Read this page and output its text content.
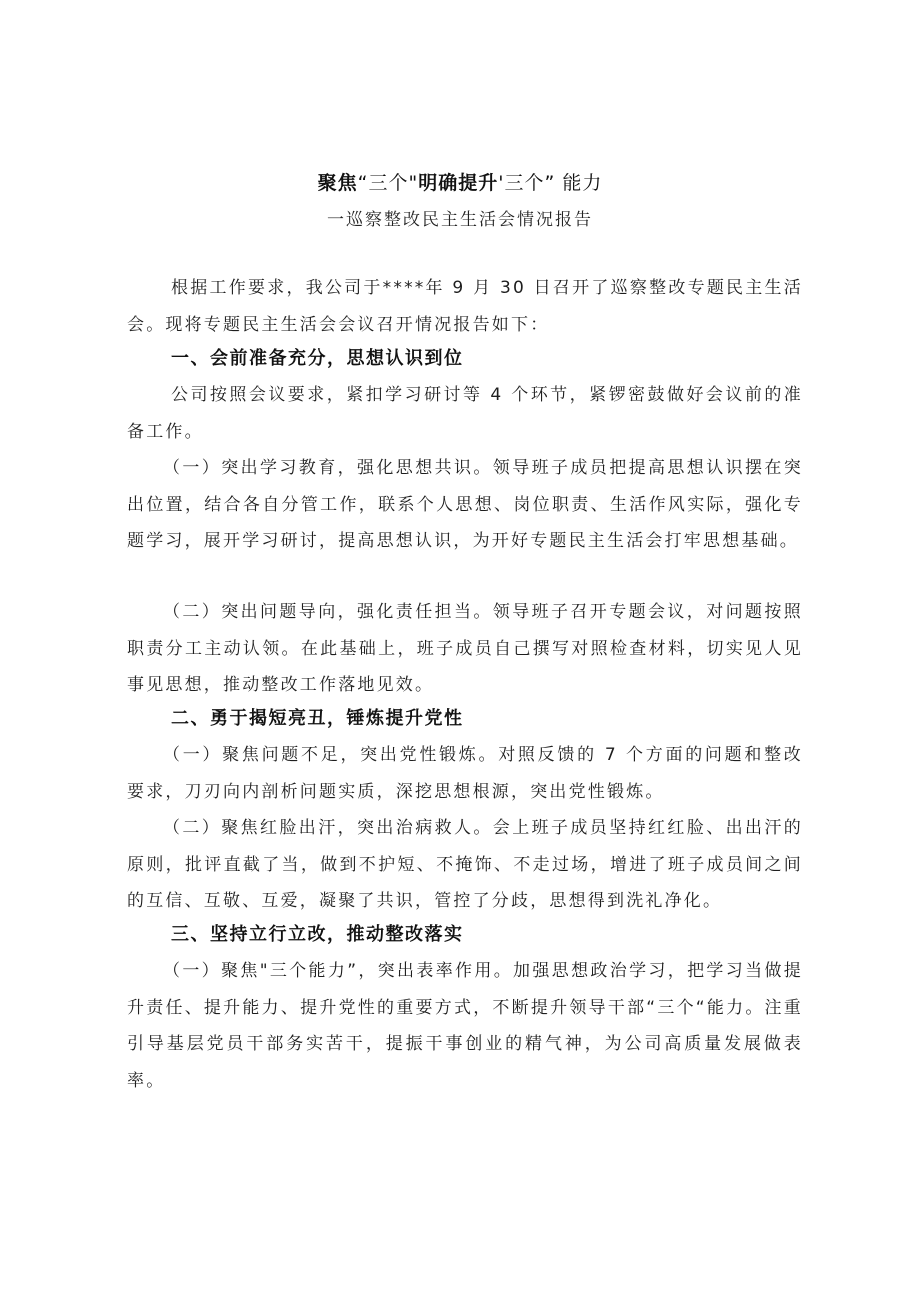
聚焦“三个"明确提升'三个” 能力
一巡察整改民主生活会情况报告

根据工作要求，我公司于****年 9 月 30 日召开了巡察整改专题民主生活会。现将专题民主生活会会议召开情况报告如下：

一、会前准备充分，思想认识到位

公司按照会议要求，紧扣学习研讨等 4 个环节，紧锣密鼓做好会议前的准备工作。

（一）突出学习教育，强化思想共识。领导班子成员把提高思想认识摆在突出位置，结合各自分管工作，联系个人思想、岗位职责、生活作风实际，强化专题学习，展开学习研讨，提高思想认识，为开好专题民主生活会打牢思想基础。

（二）突出问题导向，强化责任担当。领导班子召开专题会议，对问题按照职责分工主动认领。在此基础上，班子成员自己撰写对照检查材料，切实见人见事见思想，推动整改工作落地见效。

二、勇于揭短亮丑，锤炼提升党性

（一）聚焦问题不足，突出党性锻炼。对照反馈的 7 个方面的问题和整改要求，刀刃向内剖析问题实质，深挖思想根源，突出党性锻炼。

（二）聚焦红脸出汗，突出治病救人。会上班子成员坚持红红脸、出出汗的原则，批评直截了当，做到不护短、不掩饰、不走过场，增进了班子成员间之间的互信、互敬、互爱，凝聚了共识，管控了分歧，思想得到洗礼净化。

三、坚持立行立改，推动整改落实

（一）聚焦"三个能力”，突出表率作用。加强思想政治学习，把学习当做提升责任、提升能力、提升党性的重要方式，不断提升领导干部“三个“能力。注重引导基层党员干部务实苦干，提振干事创业的精气神，为公司高质量发展做表率。
